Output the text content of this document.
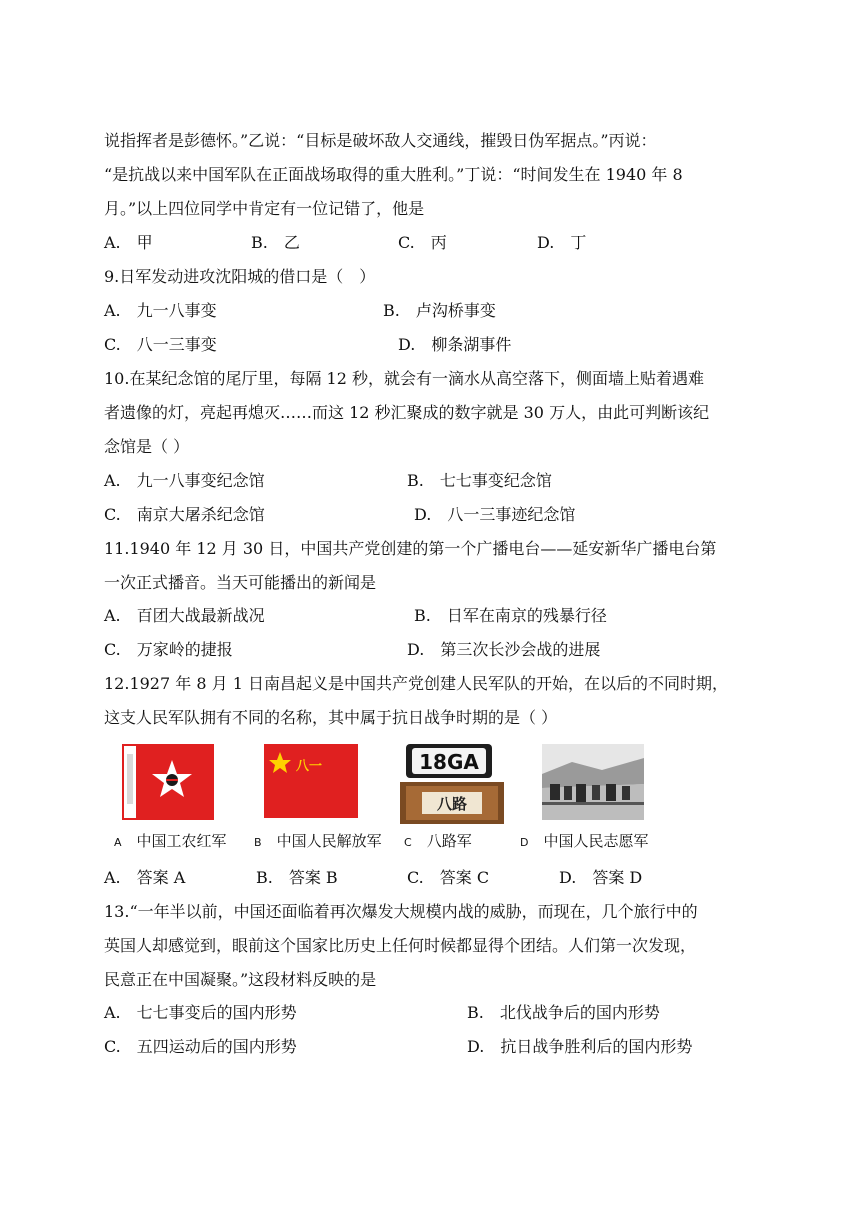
说指挥者是彭德怀。”乙说：“目标是破坏敌人交通线，摧毁日伪军据点。”丙说：
“是抗战以来中国军队在正面战场取得的重大胜利。”丁说：“时间发生在 1940 年 8
月。”以上四位同学中肯定有一位记错了，他是
A.　甲	B.　乙	C.　丙	D.　丁
9.日军发动进攻沈阳城的借口是（　）
A.　九一八事变	B.　卢沟桥事变
C.　八一三事变	D.　柳条湖事件
10.在某纪念馆的尾厅里，每隔 12 秒，就会有一滴水从高空落下，侧面墙上贴着遇难
者遗像的灯，亮起再熄灭……而这 12 秒汇聚成的数字就是 30 万人，由此可判断该纪
念馆是（ ）
A.　九一八事变纪念馆	B.　七七事变纪念馆
C.　南京大屠杀纪念馆	D.　八一三事迹纪念馆
11.1940 年 12 月 30 日，中国共产党创建的第一个广播电台——延安新华广播电台第
一次正式播音。当天可能播出的新闻是
A.　百团大战最新战况	B.　日军在南京的残暴行径
C.　万家岭的捷报	D.　第三次长沙会战的进展
12.1927 年 8 月 1 日南昌起义是中国共产党创建人民军队的开始，在以后的不同时期，
这支人民军队拥有不同的名称，其中属于抗日战争时期的是（ ）
八一	18GA
八路
A　 中国工农红军 B　 中国人民解放军 C　 八路军	D　 中国人民志愿军
A.　答案 A	B.　答案 B	C.　答案 C	D.　答案 D
13.“一年半以前，中国还面临着再次爆发大规模内战的威胁，而现在，几个旅行中的
英国人却感觉到，眼前这个国家比历史上任何时候都显得个团结。人们第一次发现，
民意正在中国凝聚。”这段材料反映的是
A.　七七事变后的国内形势	B.　北伐战争后的国内形势
C.　五四运动后的国内形势	D.　抗日战争胜利后的国内形势
